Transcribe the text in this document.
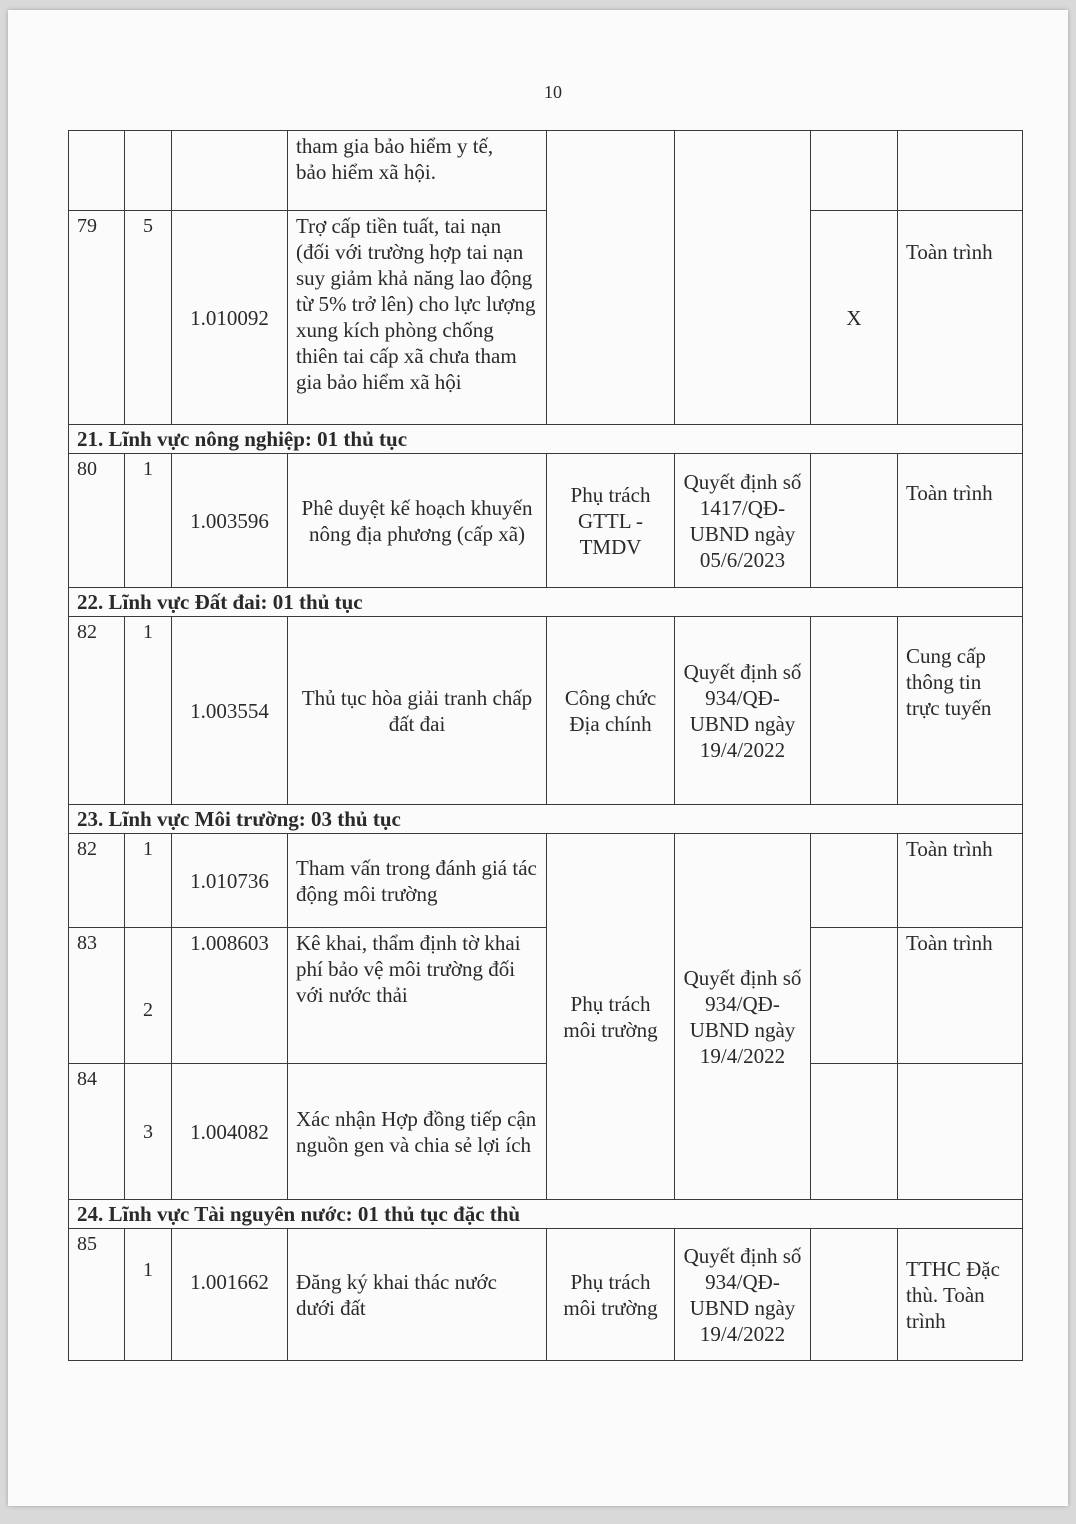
10
			tham gia bảo hiểm y tế,
bảo hiểm xã hội.				
79	5	1.010092	Trợ cấp tiền tuất, tai nạn (đối với trường hợp tai nạn suy giảm khả năng lao động từ 5% trở lên) cho lực lượng xung kích phòng chống thiên tai cấp xã chưa tham gia bảo hiểm xã hội			X	Toàn trình
21. Lĩnh vực nông nghiệp: 01 thủ tục							
80	1	1.003596	Phê duyệt kế hoạch khuyến nông địa phương (cấp xã)	Phụ trách GTTL - TMDV	Quyết định số 1417/QĐ-UBND ngày 05/6/2023		Toàn trình
22. Lĩnh vực Đất đai: 01 thủ tục							
82	1	1.003554	Thủ tục hòa giải tranh chấp đất đai	Công chức Địa chính	Quyết định số 934/QĐ-UBND ngày 19/4/2022		Cung cấp thông tin trực tuyến
23. Lĩnh vực Môi trường: 03 thủ tục							
82	1	1.010736	Tham vấn trong đánh giá tác động môi trường	Phụ trách môi trường	Quyết định số 934/QĐ-UBND ngày 19/4/2022		Toàn trình
83	2	1.008603	Kê khai, thẩm định tờ khai phí bảo vệ môi trường đối với nước thải				Toàn trình
84	3	1.004082	Xác nhận Hợp đồng tiếp cận nguồn gen và chia sẻ lợi ích				
24. Lĩnh vực Tài nguyên nước: 01 thủ tục đặc thù							
85	1	1.001662	Đăng ký khai thác nước dưới đất	Phụ trách môi trường	Quyết định số 934/QĐ-UBND ngày 19/4/2022		TTHC Đặc thù. Toàn trình
